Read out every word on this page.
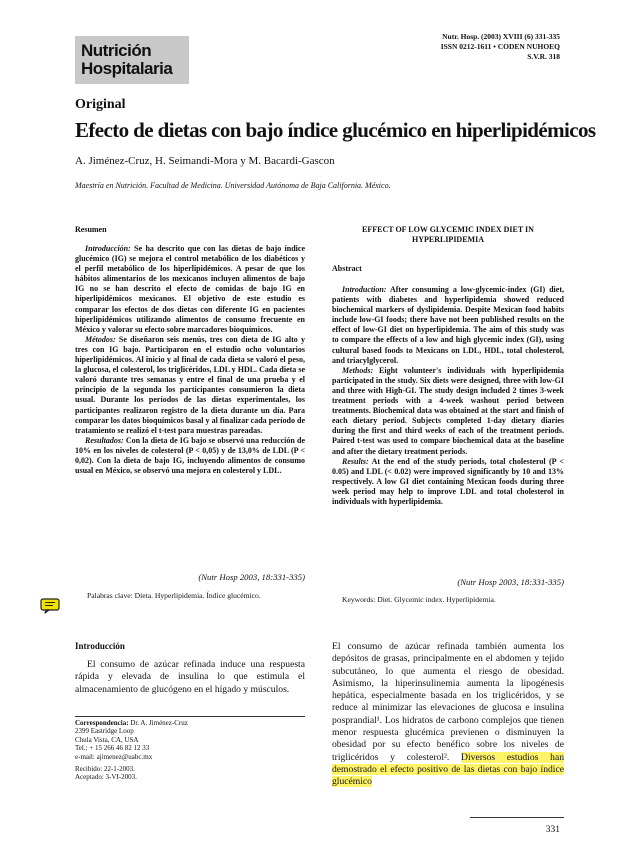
Nutrición
Hospitalaria
Nutr. Hosp. (2003) XVIII (6) 331-335
ISSN 0212-1611 • CODEN NUHOEQ
S.V.R. 318
Original
Efecto de dietas con bajo índice glucémico en hiperlipidémicos
A. Jiménez-Cruz, H. Seimandi-Mora y M. Bacardi-Gascon
Maestría en Nutrición. Facultad de Medicina. Universidad Autónoma de Baja California. México.
Resumen

Introducción: Se ha descrito que con las dietas de bajo índice glucémico (IG) se mejora el control metabólico de los diabéticos y el perfil metabólico de los hiperlipidémicos. A pesar de que los hábitos alimentarios de los mexicanos incluyen alimentos de bajo IG no se han descrito el efecto de comidas de bajo IG en hiperlipidémicos mexicanos. El objetivo de este estudio es comparar los efectos de dos dietas con diferente IG en pacientes hiperlipidémicos utilizando alimentos de consumo frecuente en México y valorar su efecto sobre marcadores bioquímicos.

Métodos: Se diseñaron seis menús, tres con dieta de IG alto y tres con IG bajo. Participaron en el estudio ocho voluntarios hiperlipidémicos. Al inicio y al final de cada dieta se valoró el peso, la glucosa, el colesterol, los triglicéridos, LDL y HDL. Cada dieta se valoró durante tres semanas y entre el final de una prueba y el principio de la segunda los participantes consumieron la dieta usual. Durante los períodos de las dietas experimentales, los participantes realizaron registro de la dieta durante un día. Para comparar los datos bioquímicos basal y al finalizar cada período de tratamiento se realizó el t-test para muestras pareadas.

Resultados: Con la dieta de IG bajo se observó una reducción de 10% en los niveles de colesterol (P < 0,05) y de 13,0% de LDL (P < 0,02). Con la dieta de bajo IG, incluyendo alimentos de consumo usual en México, se observó una mejora en colesterol y LDL.

(Nutr Hosp 2003, 18:331-335)
Palabras clave: Dieta. Hyperlipidemia. Índice glucémico.
EFFECT OF LOW GLYCEMIC INDEX DIET IN HYPERLIPIDEMIA
Abstract

Introduction: After consuming a low-glycemic-index (GI) diet, patients with diabetes and hyperlipidemia showed reduced biochemical markers of dyslipidemia. Despite Mexican food habits include low-GI foods; there have not been published results on the effect of low-GI diet on hyperlipidemia. The aim of this study was to compare the effects of a low and high glycemic index (GI), using cultural based foods to Mexicans on LDL, HDL, total cholesterol, and triacylglycerol.

Methods: Eight volunteer's individuals with hyperlipidemia participated in the study. Six diets were designed, three with low-GI and three with High-GI. The study design included 2 times 3-week treatment periods with a 4-week washout period between treatments. Biochemical data was obtained at the start and finish of each dietary period. Subjects completed 1-day dietary diaries during the first and third weeks of each of the treatment periods. Paired t-test was used to compare biochemical data at the baseline and after the dietary treatment periods.

Results: At the end of the study periods, total cholesterol (P < 0.05) and LDL (< 0.02) were improved significantly by 10 and 13% respectively. A low GI diet containing Mexican foods during three week period may help to improve LDL and total cholesterol in individuals with hyperlipidemia.

(Nutr Hosp 2003, 18:331-335)
Keywords: Diet. Glycemic index. Hyperlipidemia.
Introducción

El consumo de azúcar refinada induce una respuesta rápida y elevada de insulina lo que estimula el almacenamiento de glucógeno en el hígado y músculos.

El consumo de azúcar refinada también aumenta los depósitos de grasas, principalmente en el abdomen y tejido subcutáneo, lo que aumenta el riesgo de obesidad. Asimismo, la hiperinsulinemia aumenta la lipogénesis hepática, especialmente basada en los triglicéridos, y se reduce al minimizar las elevaciones de glucosa e insulina posprandial¹. Los hidratos de carbono complejos que tienen menor respuesta glucémica previenen o disminuyen la obesidad por su efecto benéfico sobre los niveles de triglicéridos y colesterol². Diversos estudios han demostrado el efecto positivo de las dietas con bajo índice glucémico

Correspondencia: Dr. A. Jiménez-Cruz
2399 Eastridge Loop
Chula Vista, CA, USA
Tel.: + 15 266 46 82 12 33
e-mail: ajimenez@uabc.mx
Recibido: 22-1-2003.
Aceptado: 3-VI-2003.
331
